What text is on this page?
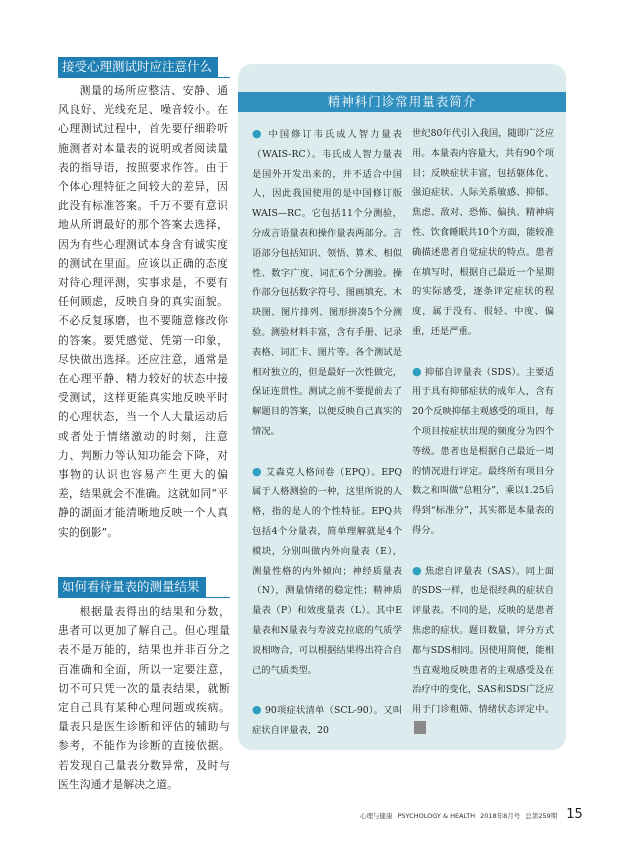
接受心理测试时应注意什么

测量的场所应整洁、安静、通风良好、光线充足、噪音较小。在心理测试过程中，首先要仔细聆听施测者对本量表的说明或者阅读量表的指导语，按照要求作答。由于个体心理特征之间较大的差异，因此没有标准答案。千万不要有意识地从所谓最好的那个答案去选择，因为有些心理测试本身含有诚实度的测试在里面。应该以正确的态度对待心理评测，实事求是，不要有任何顾虑，反映自身的真实面貌。不必反复琢磨，也不要随意修改你的答案。要凭感觉、凭第一印象，尽快做出选择。还应注意，通常是在心理平静、精力较好的状态中接受测试，这样更能真实地反映平时的心理状态，当一个人大量运动后或者处于情绪激动的时刻，注意力、判断力等认知功能会下降，对事物的认识也容易产生更大的偏差，结果就会不准确。这就如同“平静的湖面才能清晰地反映一个人真实的倒影”。

如何看待量表的测量结果

根据量表得出的结果和分数，患者可以更加了解自己。但心理量表不是万能的，结果也并非百分之百准确和全面，所以一定要注意，切不可只凭一次的量表结果，就断定自己具有某种心理问题或疾病。量表只是医生诊断和评估的辅助与参考，不能作为诊断的直接依据。若发现自己量表分数异常，及时与医生沟通才是解决之道。

精神科门诊常用量表简介

● 中国修订韦氏成人智力量表（WAIS-RC）。韦氏成人智力量表是国外开发出来的，并不适合中国人，因此我国使用的是中国修订版WAIS—RC。它包括11个分测验，分成言语量表和操作量表两部分。言语部分包括知识、领悟、算术、相似性、数字广度、词汇6个分测验。操作部分包括数字符号、图画填充、木块图、图片排列、图形拼凑5个分测验。测验材料丰富，含有手册、记录表格、词汇卡、图片等。各个测试是相对独立的，但是最好一次性做完，保证连贯性。测试之前不要提前去了解题目的答案，以便反映自己真实的情况。

● 艾森克人格问卷（EPQ）。EPQ属于人格测验的一种，这里所说的人格，指的是人的个性特征。EPQ共包括4个分量表，简单理解就是4个模块，分别叫做内外向量表（E），测量性格的内外倾向；神经质量表（N），测量情绪的稳定性；精神质量表（P）和效度量表（L）。其中E量表和N量表与寿波克拉底的气质学说相吻合，可以根据结果得出符合自己的气质类型。

● 90项症状清单（SCL-90）。又叫症状自评量表，20

世纪80年代引入我国，随即广泛应用。本量表内容量大，共有90个项目；反映症状丰富，包括躯体化、强迫症状、人际关系敏感、抑郁、焦虑、敌对、恐怖、偏执、精神病性、饮食睡眠共10个方面，能较准确描述患者自觉症状的特点。患者在填写时，根据自己最近一个星期的实际感受，逐条评定症状的程度，属于没有、很轻、中度、偏重，还是严重。

● 抑郁自评量表（SDS）。主要适用于具有抑郁症状的成年人，含有20个反映抑郁主观感受的项目，每个项目按症状出现的频度分为四个等级。患者也是根据自己最近一周的情况进行评定。最终所有项目分数之和叫做“总粗分”，乘以1.25后得到“标准分”，其实都是本量表的得分。

● 焦虑自评量表（SAS）。同上面的SDS一样，也是很经典的症状自评量表。不同的是，反映的是患者焦虑的症状。题目数量，评分方式都与SDS相同。因使用简便，能相当直观地反映患者的主观感受及在治疗中的变化，SAS和SDS广泛应用于门诊粗筛、情绪状态评定中。

心理与健康 PSYCHOLOGY & HEALTH 2018年8月号 总第259期 15
